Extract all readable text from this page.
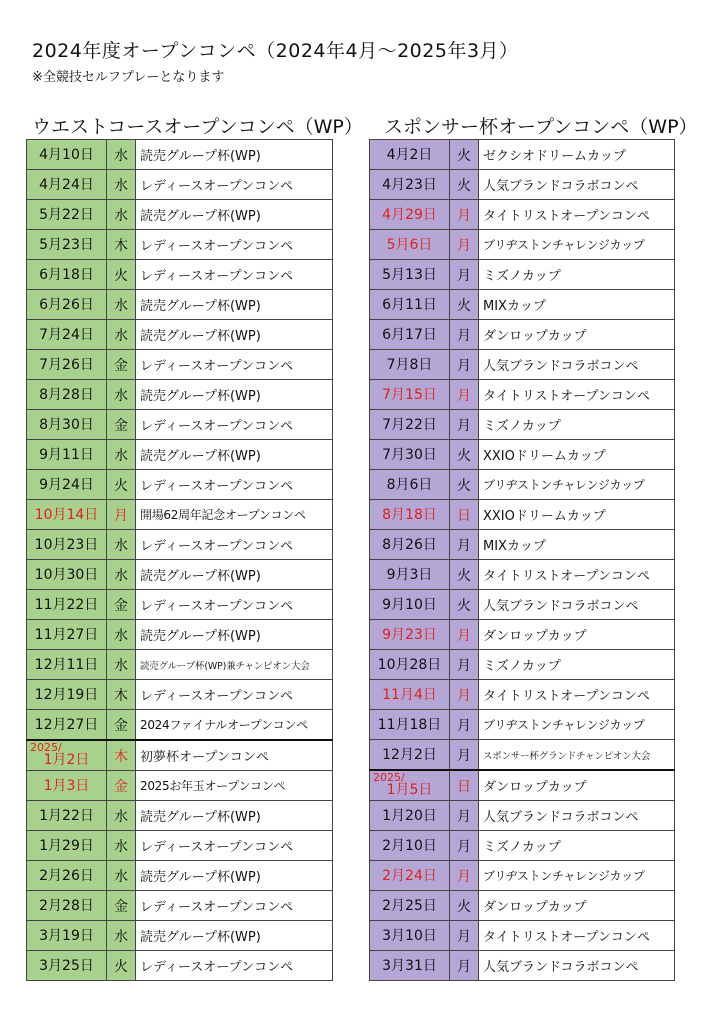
2024年度オープンコンペ（2024年4月～2025年3月）
※全競技セルフプレーとなります
ウエストコースオープンコンペ（WP） スポンサー杯オープンコンペ（WP）
4月10日	水	読売グループ杯(WP)
4月24日	水	レディースオープンコンペ
5月22日	水	読売グループ杯(WP)
5月23日	木	レディースオープンコンペ
6月18日	火	レディースオープンコンペ
6月26日	水	読売グループ杯(WP)
7月24日	水	読売グループ杯(WP)
7月26日	金	レディースオープンコンペ
8月28日	水	読売グループ杯(WP)
8月30日	金	レディースオープンコンペ
9月11日	水	読売グループ杯(WP)
9月24日	火	レディースオープンコンペ
10月14日	月	開場62周年記念オープンコンペ
10月23日	水	レディースオープンコンペ
10月30日	水	読売グループ杯(WP)
11月22日	金	レディースオープンコンペ
11月27日	水	読売グループ杯(WP)
12月11日	水	読売グループ杯(WP)兼チャンピオン大会
12月19日	木	レディースオープンコンペ
12月27日	金	2024ファイナルオープンコンペ

2025/
1月2日	木	初夢杯オープンコンペ
1月3日	金	2025お年玉オープンコンペ
1月22日	水	読売グループ杯(WP)
1月29日	水	レディースオープンコンペ
2月26日	水	読売グループ杯(WP)
2月28日	金	レディースオープンコンペ
3月19日	水	読売グループ杯(WP)
3月25日	火	レディースオープンコンペ
4月2日	火	ゼクシオドリームカップ
4月23日	火	人気ブランドコラボコンペ
4月29日	月	タイトリストオープンコンペ
5月6日	月	ブリヂストンチャレンジカップ
5月13日	月	ミズノカップ
6月11日	火	MIXカップ
6月17日	月	ダンロップカップ
7月8日	月	人気ブランドコラボコンペ
7月15日	月	タイトリストオープンコンペ
7月22日	月	ミズノカップ
7月30日	火	XXIOドリームカップ
8月6日	火	ブリヂストンチャレンジカップ
8月18日	日	XXIOドリームカップ
8月26日	月	MIXカップ
9月3日	火	タイトリストオープンコンペ
9月10日	火	人気ブランドコラボコンペ
9月23日	月	ダンロップカップ
10月28日	月	ミズノカップ
11月4日	月	タイトリストオープンコンペ
11月18日	月	ブリヂストンチャレンジカップ
12月2日	月	スポンサー杯グランドチャンピオン大会

2025/
1月5日	日	ダンロップカップ
1月20日	月	人気ブランドコラボコンペ
2月10日	月	ミズノカップ
2月24日	月	ブリヂストンチャレンジカップ
2月25日	火	ダンロップカップ
3月10日	月	タイトリストオープンコンペ
3月31日	月	人気ブランドコラボコンペ
